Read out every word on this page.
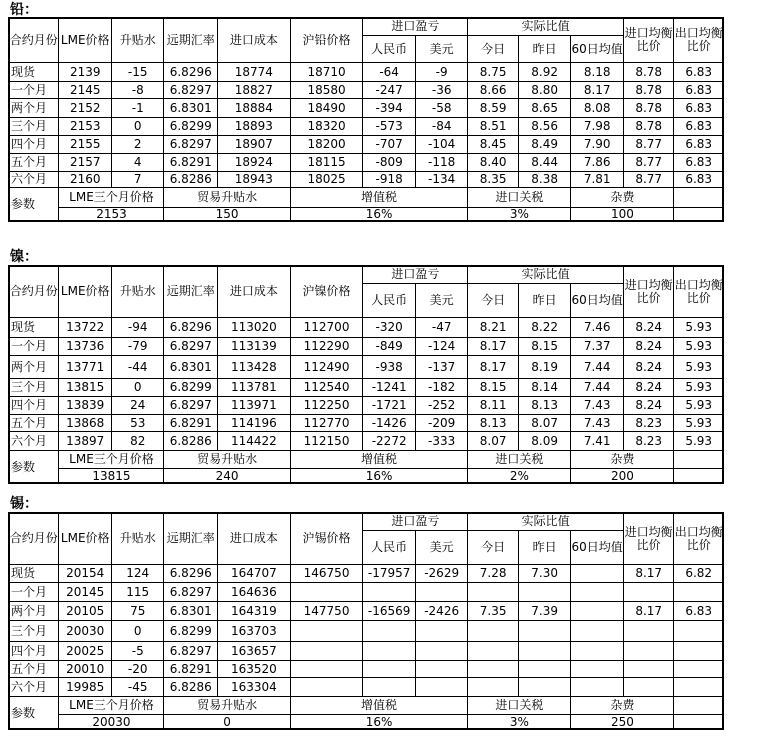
铅：
合约月份	LME价格	升贴水	远期汇率	进口成本	沪铅价格	进口盈亏		实际比值			进口均衡比价	出口均衡比价
						人民币	美元	今日	昨日	60日均值		
现货	2139	-15	6.8296	18774	18710	-64	-9	8.75	8.92	8.18	8.78	6.83
一个月	2145	-8	6.8297	18827	18580	-247	-36	8.66	8.80	8.17	8.78	6.83
两个月	2152	-1	6.8301	18884	18490	-394	-58	8.59	8.65	8.08	8.78	6.83
三个月	2153	0	6.8299	18893	18320	-573	-84	8.51	8.56	7.98	8.78	6.83
四个月	2155	2	6.8297	18907	18200	-707	-104	8.45	8.49	7.90	8.77	6.83
五个月	2157	4	6.8291	18924	18115	-809	-118	8.40	8.44	7.86	8.77	6.83
六个月	2160	7	6.8286	18943	18025	-918	-134	8.35	8.38	7.81	8.77	6.83
参数	LME三个月价格		贸易升贴水		增值税			进口关税		杂费		
	2153		150		16%			3%		100		
镍：
合约月份	LME价格	升贴水	远期汇率	进口成本	沪镍价格	进口盈亏		实际比值			进口均衡比价	出口均衡比价
						人民币	美元	今日	昨日	60日均值		
现货	13722	-94	6.8296	113020	112700	-320	-47	8.21	8.22	7.46	8.24	5.93
一个月	13736	-79	6.8297	113139	112290	-849	-124	8.17	8.15	7.37	8.24	5.93
两个月	13771	-44	6.8301	113428	112490	-938	-137	8.17	8.19	7.44	8.24	5.93
三个月	13815	0	6.8299	113781	112540	-1241	-182	8.15	8.14	7.44	8.24	5.93
四个月	13839	24	6.8297	113971	112250	-1721	-252	8.11	8.13	7.43	8.24	5.93
五个月	13868	53	6.8291	114196	112770	-1426	-209	8.13	8.07	7.43	8.23	5.93
六个月	13897	82	6.8286	114422	112150	-2272	-333	8.07	8.09	7.41	8.23	5.93
参数	LME三个月价格		贸易升贴水		增值税			进口关税		杂费		
	13815		240		16%			2%		200		
锡：
合约月份	LME价格	升贴水	远期汇率	进口成本	沪锡价格	进口盈亏		实际比值			进口均衡比价	出口均衡比价
						人民币	美元	今日	昨日	60日均值		
现货	20154	124	6.8296	164707	146750	-17957	-2629	7.28	7.30		8.17	6.82
一个月	20145	115	6.8297	164636								
两个月	20105	75	6.8301	164319	147750	-16569	-2426	7.35	7.39		8.17	6.83
三个月	20030	0	6.8299	163703								
四个月	20025	-5	6.8297	163657								
五个月	20010	-20	6.8291	163520								
六个月	19985	-45	6.8286	163304								
参数	LME三个月价格		贸易升贴水		增值税			进口关税		杂费		
	20030		0		16%			3%		250		
